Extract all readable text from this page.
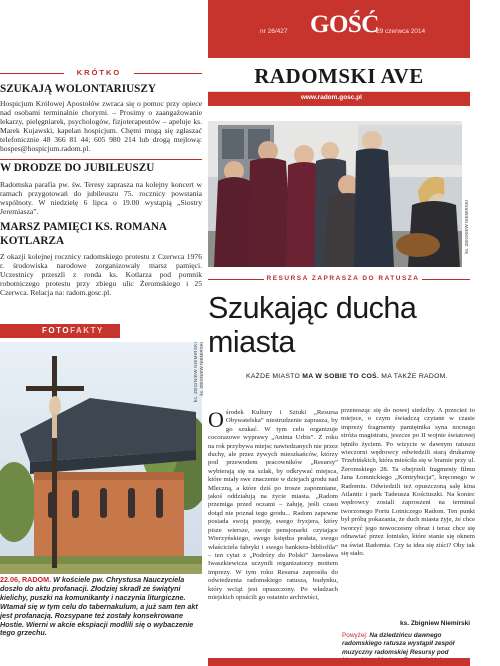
KRÓTKO
SZUKAJĄ WOLONTARIUSZY
Hospicjum Królowej Apostołów zwraca się o pomoc przy opiece nad osobami terminalnie chorymi. – Prosimy o zaangażowanie lekarzy, pielęgniarek, psychologów, fizjoterapeutów – apeluje ks. Marek Kujawski, kapelan hospicjum. Chętni mogą się zgłaszać telefonicznie 48 366 81 44; 605 980 214 lub drogą mejlową: hospes@hospicjum.radom.pl.
W DRODZE DO JUBILEUSZU
Radomska parafia pw. św. Teresy zaprasza na kolejny koncert w ramach przygotowań do jubileuszu 75. rocznicy powstania wspólnoty. W niedzielę 6 lipca o 19.00 wystąpią „Siostry Jeremiasza”.
MARSZ PAMIĘCI KS. ROMANA KOTLARZA
Z okazji kolejnej rocznicy radomskiego protestu z Czerwca 1976 r. środowiska narodowe zorganizowały marsz pamięci. Uczestnicy przeszli z ronda ks. Kotlarza pod pomnik robotniczego protestu przy zbiegu ulic Żeromskiego i 25 Czerwca. Relacja na: radom.gosc.pl.
FOTOFAKTY
ks. ZBIGNIEW NIEMIRSKI
22.06, RADOM. W kościele pw. Chrystusa Nauczyciela doszło do aktu profanacji. Złodziej skradł ze świątyni kielichy, puszki na komunikanty i naczynia liturgiczne. Wtamał się w tym celu do tabernakulum, a już sam ten akt jest profanacją. Rozsypane też zostały konsekrowane Hostie. Wierni w akcie ekspiacji modlili się o wybaczenie tego grzechu.
nr 26/427 GOŚĆ
29 czerwca 2014
RADOMSKI AVE
www.radom.gosc.pl
ks. ZBIGNIEW NIEMIRSKI
RESURSA ZAPRASZA DO RATUSZA
Szukając ducha
miasta
ks. ZBIGNIEW NIEMIRSKI	KAŻDE MIASTO MA W SOBIE TO COŚ. MA TAKŻE RADOM.
Ośrodek Kultury i Sztuki „Resursa Obywatelska” niestrudzenie zaprasza, by go szukać. W tym celu organizuje cocorazowe wyprawy „Anima Urbis”. Z roku na rok przybywa miejsc nawiedzanych nie przez duchy, ale przez żywych mieszkańców, którzy pod przewodem pracowników „Resursy” wybierają się na szlak, by odkrywać miejsca, które miały swe znaczenie w dziejach grodu nad Mleczną, a które dziś po trosze zapomniane, jakoś oddziałują na życie miasta. „Radom przemiga przed oczami – żałuję, jeśli czasu dotąd nie poznał tego grodu... Radom zapewne posiada swoją poezję, swego fryzjera, który pisze wiersze, swoje pensjonarki czytające Wierzyńskiego, swego księdza prałata, swego właściciela fabryki i swego bankiera-bibliofila” – ten cytat z „Podróży do Polski” Jarosława Iwaszkiewicza uczynili organizatorzy mottem imprezy. W tym roku Resursa zaprosiła do odwiedzenia radomskiego ratusza, budynku, który wciąż jest opuszczony. Po władzach miejskich opuścili go ostatnio archiwiści,
przenosząc się do nowej siedziby. A przecież to miejsce, o czym świadczą czytane w czasie imprezy fragmenty pamiętnika syna nocnego stróża magistratu, jeszcze po II wojnie światowej tętniło życiem. Po wizycie w dawnym ratuszu wieczorni wędrowcy odwiedzili starą drukarnię Trzebińskich, która mieściła się w bramie przy ul. Żeromskiego 28. Ta obejrzeli fragmenty filmu Jana Łomnickiego „Kontrybucja”, kręconego w Radomiu. Odwiedzili też opuszczoną salę kina Atlantic i park Tadeusza Kościuszki. Na koniec wędrowcy zostali zaproszeni na terminal tworzonego Portu Lotniczego Radom. Ten punkt był próbą pokazania, że duch miasta żyje, że chce tworzyć jego nowoczesny obraz i teraz chce się odnawiać przez lotnisko, które stanie się oknem na świat Radomia. Czy ta idea się ziści? Oby tak się stało.
ks. Zbigniew Niemirski
Powyżej: Na dziedzińcu dawnego radomskiego ratusza wystąpił zespół muzyczny radomskiej Resursy pod
